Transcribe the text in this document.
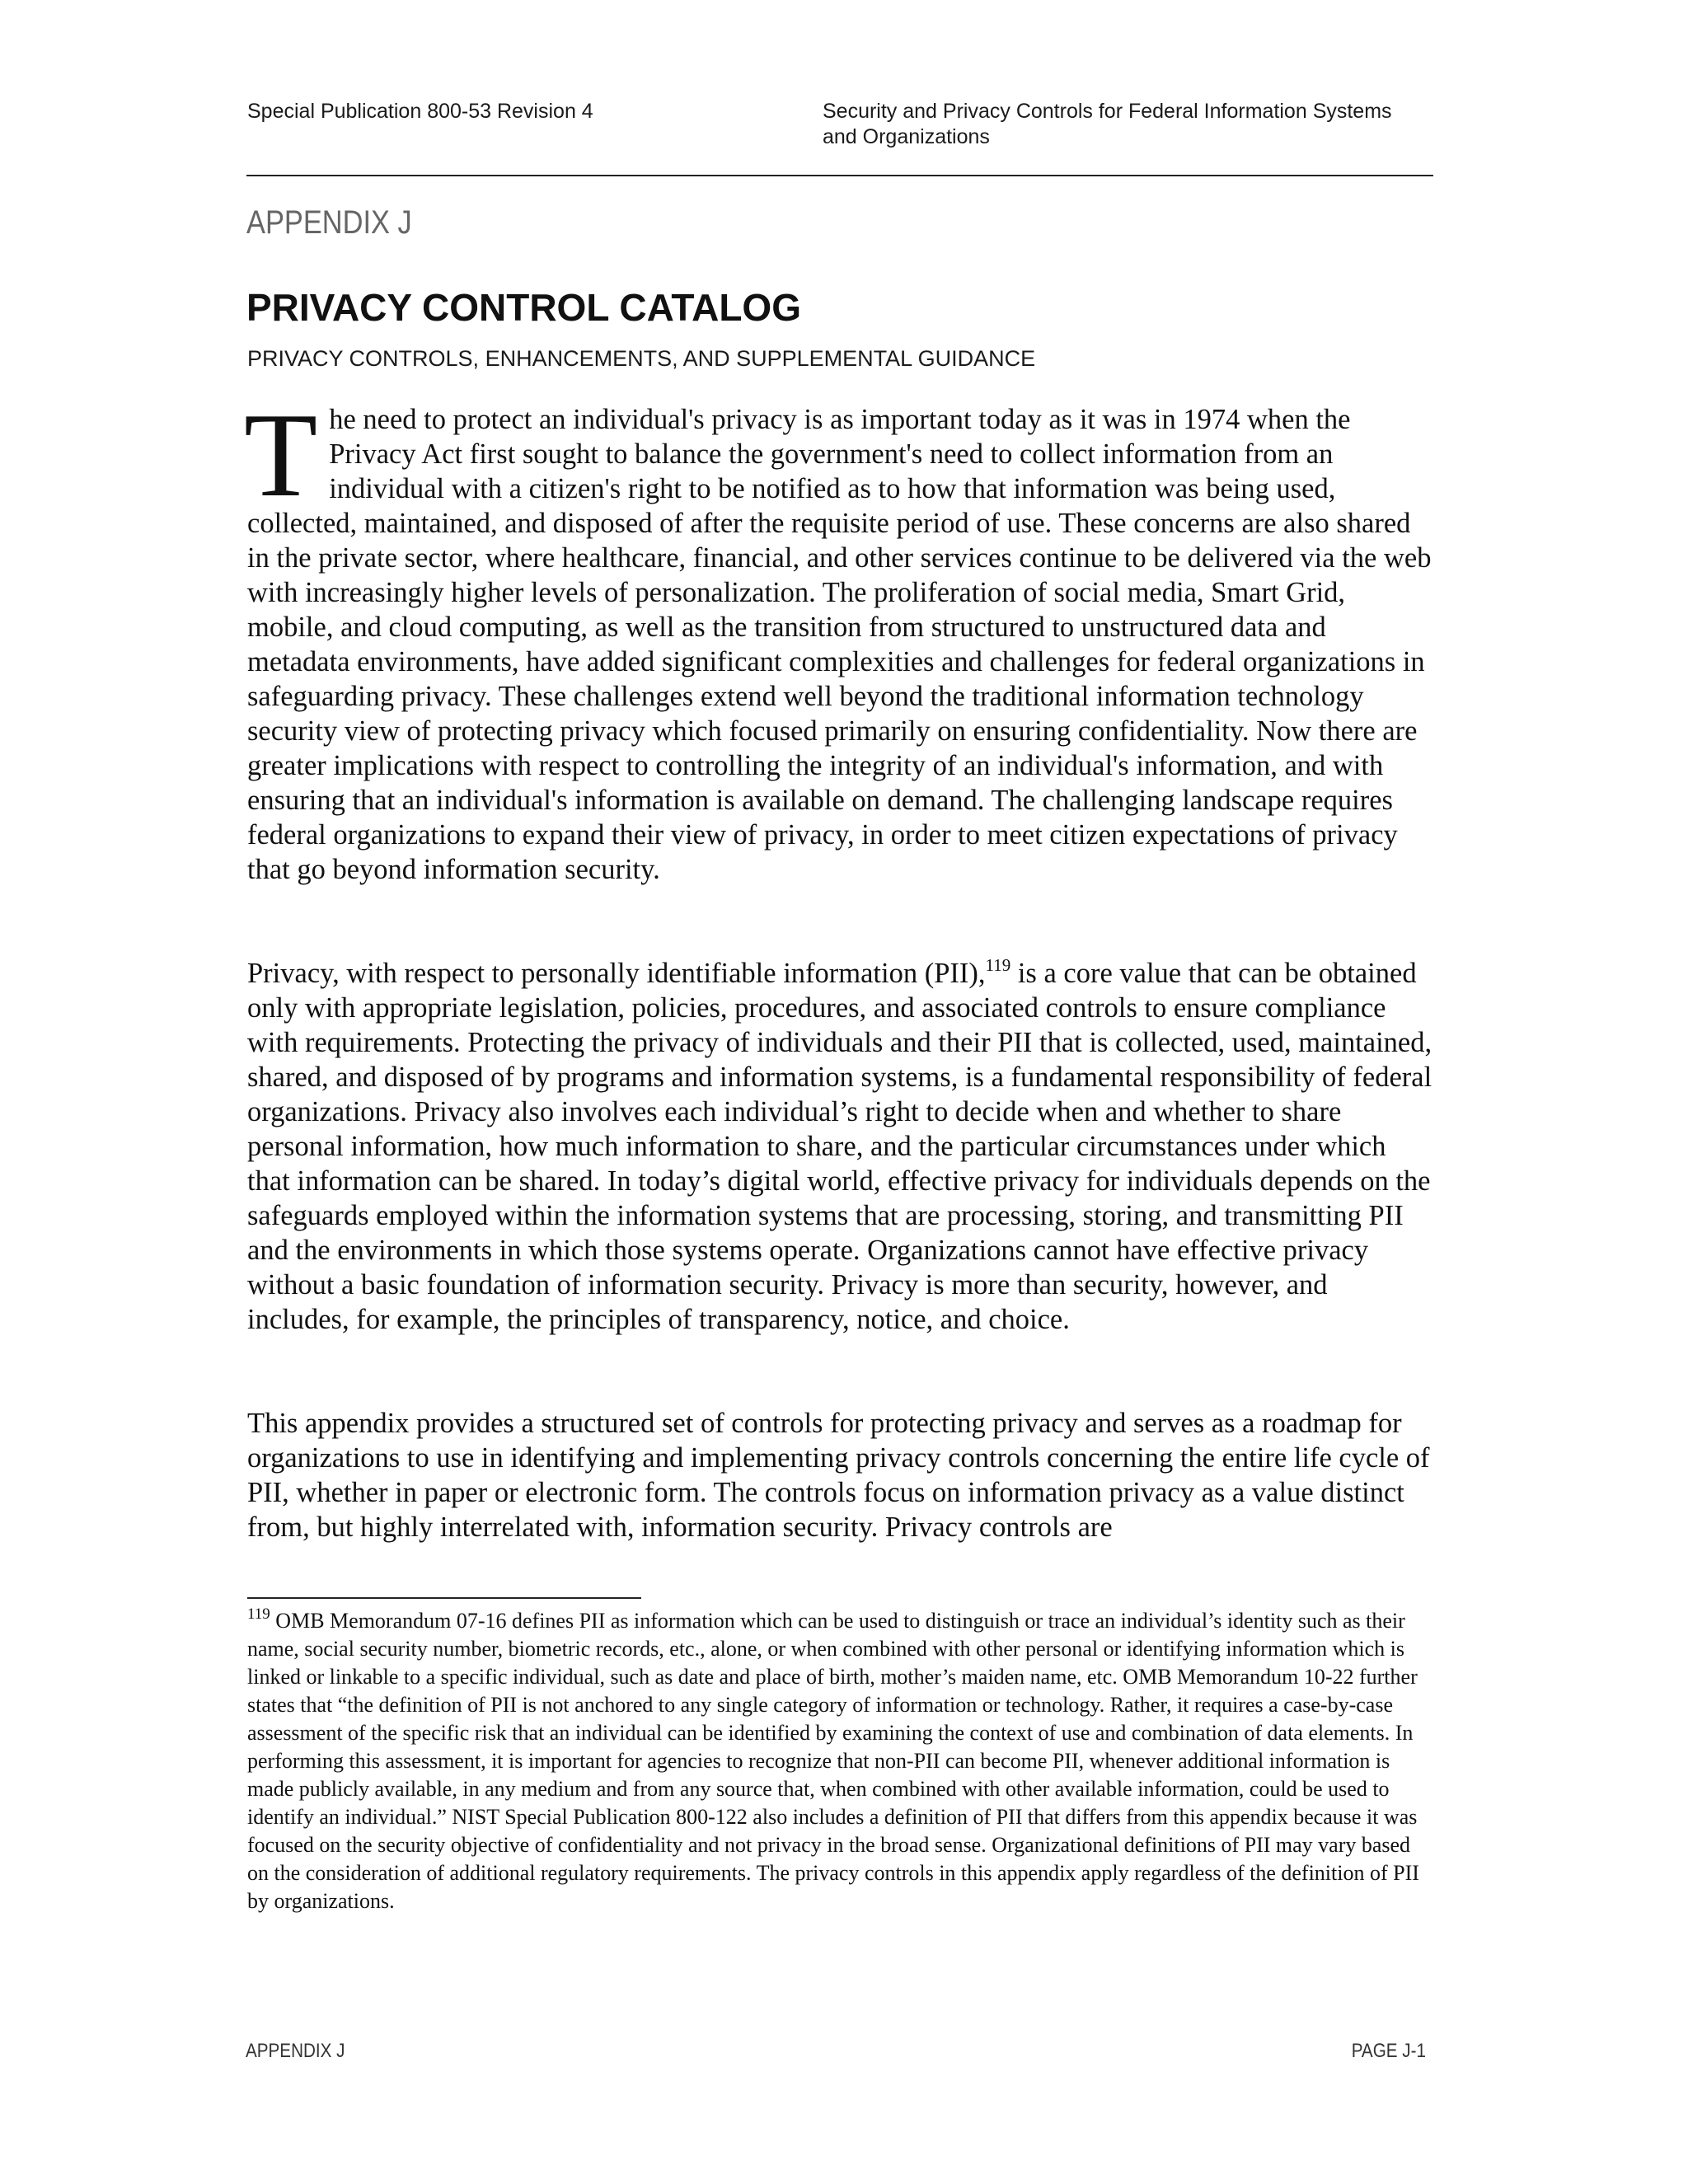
Special Publication 800-53 Revision 4	Security and Privacy Controls for Federal Information Systems
and Organizations
APPENDIX J
PRIVACY CONTROL CATALOG
PRIVACY CONTROLS, ENHANCEMENTS, AND SUPPLEMENTAL GUIDANCE

The need to protect an individual's privacy is as important today as it was in 1974 when the Privacy Act first sought to balance the government's need to collect information from an individual with a citizen's right to be notified as to how that information was being used, collected, maintained, and disposed of after the requisite period of use. These concerns are also shared in the private sector, where healthcare, financial, and other services continue to be delivered via the web with increasingly higher levels of personalization. The proliferation of social media, Smart Grid, mobile, and cloud computing, as well as the transition from structured to unstructured data and metadata environments, have added significant complexities and challenges for federal organizations in safeguarding privacy. These challenges extend well beyond the traditional information technology security view of protecting privacy which focused primarily on ensuring confidentiality. Now there are greater implications with respect to controlling the integrity of an individual's information, and with ensuring that an individual's information is available on demand. The challenging landscape requires federal organizations to expand their view of privacy, in order to meet citizen expectations of privacy that go beyond information security.

Privacy, with respect to personally identifiable information (PII),$^{119}$ is a core value that can be obtained only with appropriate legislation, policies, procedures, and associated controls to ensure compliance with requirements. Protecting the privacy of individuals and their PII that is collected, used, maintained, shared, and disposed of by programs and information systems, is a fundamental responsibility of federal organizations. Privacy also involves each individual’s right to decide when and whether to share personal information, how much information to share, and the particular circumstances under which that information can be shared. In today’s digital world, effective privacy for individuals depends on the safeguards employed within the information systems that are processing, storing, and transmitting PII and the environments in which those systems operate. Organizations cannot have effective privacy without a basic foundation of information security. Privacy is more than security, however, and includes, for example, the principles of transparency, notice, and choice.

This appendix provides a structured set of controls for protecting privacy and serves as a roadmap for organizations to use in identifying and implementing privacy controls concerning the entire life cycle of PII, whether in paper or electronic form. The controls focus on information privacy as a value distinct from, but highly interrelated with, information security. Privacy controls are

$^{119}$ OMB Memorandum 07-16 defines PII as information which can be used to distinguish or trace an individual’s identity such as their name, social security number, biometric records, etc., alone, or when combined with other personal or identifying information which is linked or linkable to a specific individual, such as date and place of birth, mother’s maiden name, etc. OMB Memorandum 10-22 further states that “the definition of PII is not anchored to any single category of information or technology. Rather, it requires a case-by-case assessment of the specific risk that an individual can be identified by examining the context of use and combination of data elements. In performing this assessment, it is important for agencies to recognize that non-PII can become PII, whenever additional information is made publicly available, in any medium and from any source that, when combined with other available information, could be used to identify an individual.” NIST Special Publication 800-122 also includes a definition of PII that differs from this appendix because it was focused on the security objective of confidentiality and not privacy in the broad sense. Organizational definitions of PII may vary based on the consideration of additional regulatory requirements. The privacy controls in this appendix apply regardless of the definition of PII by organizations.

APPENDIX J	PAGE J-1
